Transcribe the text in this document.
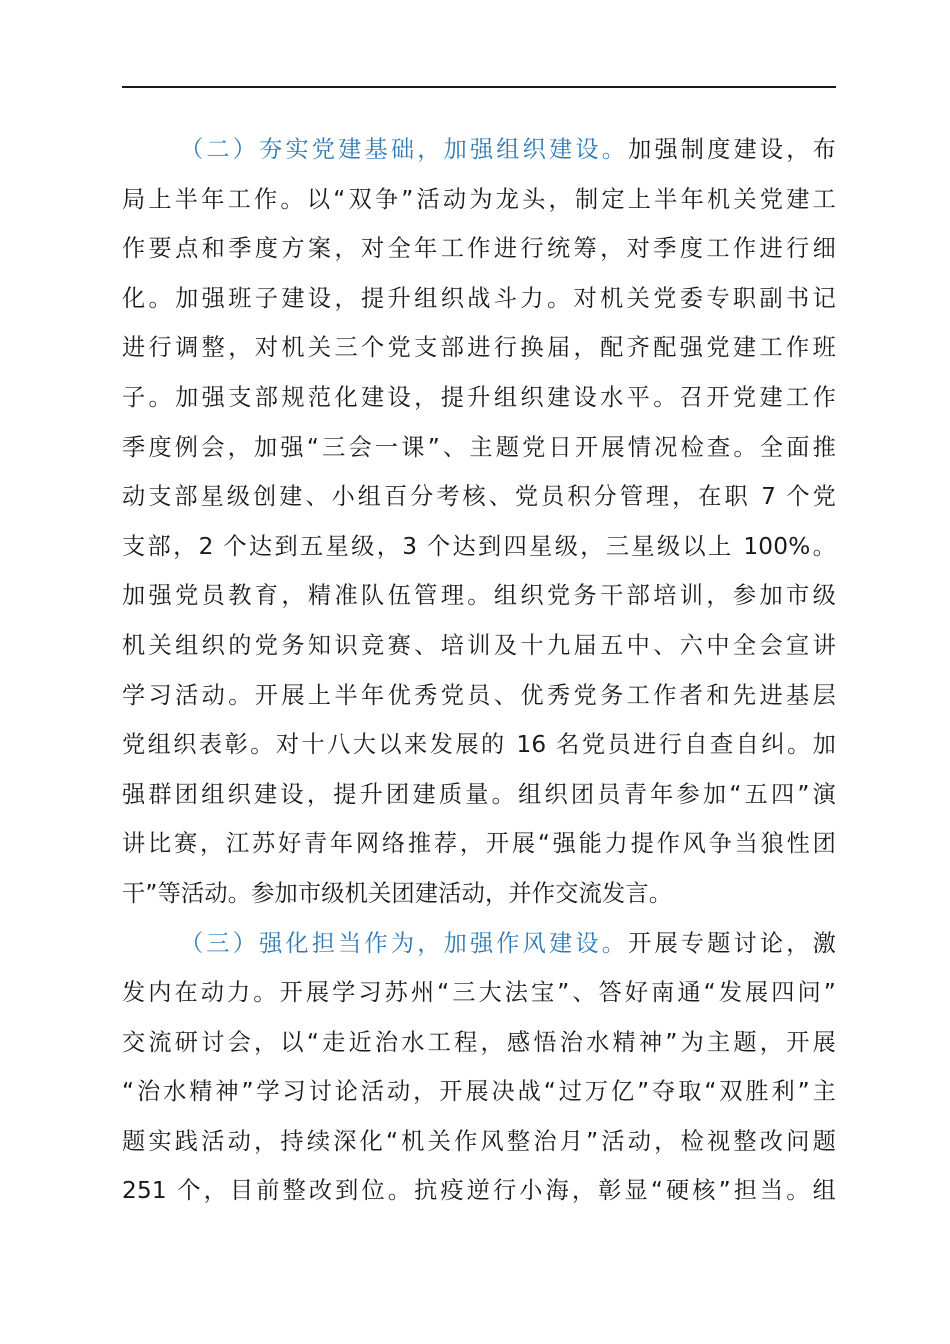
（二）夯实党建基础，加强组织建设。加强制度建设，布
局上半年工作。以“双争”活动为龙头，制定上半年机关党建工
作要点和季度方案，对全年工作进行统筹，对季度工作进行细
化。加强班子建设，提升组织战斗力。对机关党委专职副书记
进行调整，对机关三个党支部进行换届，配齐配强党建工作班
子。加强支部规范化建设，提升组织建设水平。召开党建工作
季度例会，加强“三会一课”、主题党日开展情况检查。全面推
动支部星级创建、小组百分考核、党员积分管理，在职 7 个党
支部，2 个达到五星级，3 个达到四星级，三星级以上 100%。
加强党员教育，精准队伍管理。组织党务干部培训，参加市级
机关组织的党务知识竞赛、培训及十九届五中、六中全会宣讲
学习活动。开展上半年优秀党员、优秀党务工作者和先进基层
党组织表彰。对十八大以来发展的 16 名党员进行自查自纠。加
强群团组织建设，提升团建质量。组织团员青年参加“五四”演
讲比赛，江苏好青年网络推荐，开展“强能力提作风争当狼性团
干”等活动。参加市级机关团建活动，并作交流发言。
（三）强化担当作为，加强作风建设。开展专题讨论，激
发内在动力。开展学习苏州“三大法宝”、答好南通“发展四问”
交流研讨会，以“走近治水工程，感悟治水精神”为主题，开展
“治水精神”学习讨论活动，开展决战“过万亿”夺取“双胜利”主
题实践活动，持续深化“机关作风整治月”活动，检视整改问题
251 个，目前整改到位。抗疫逆行小海，彰显“硬核”担当。组
